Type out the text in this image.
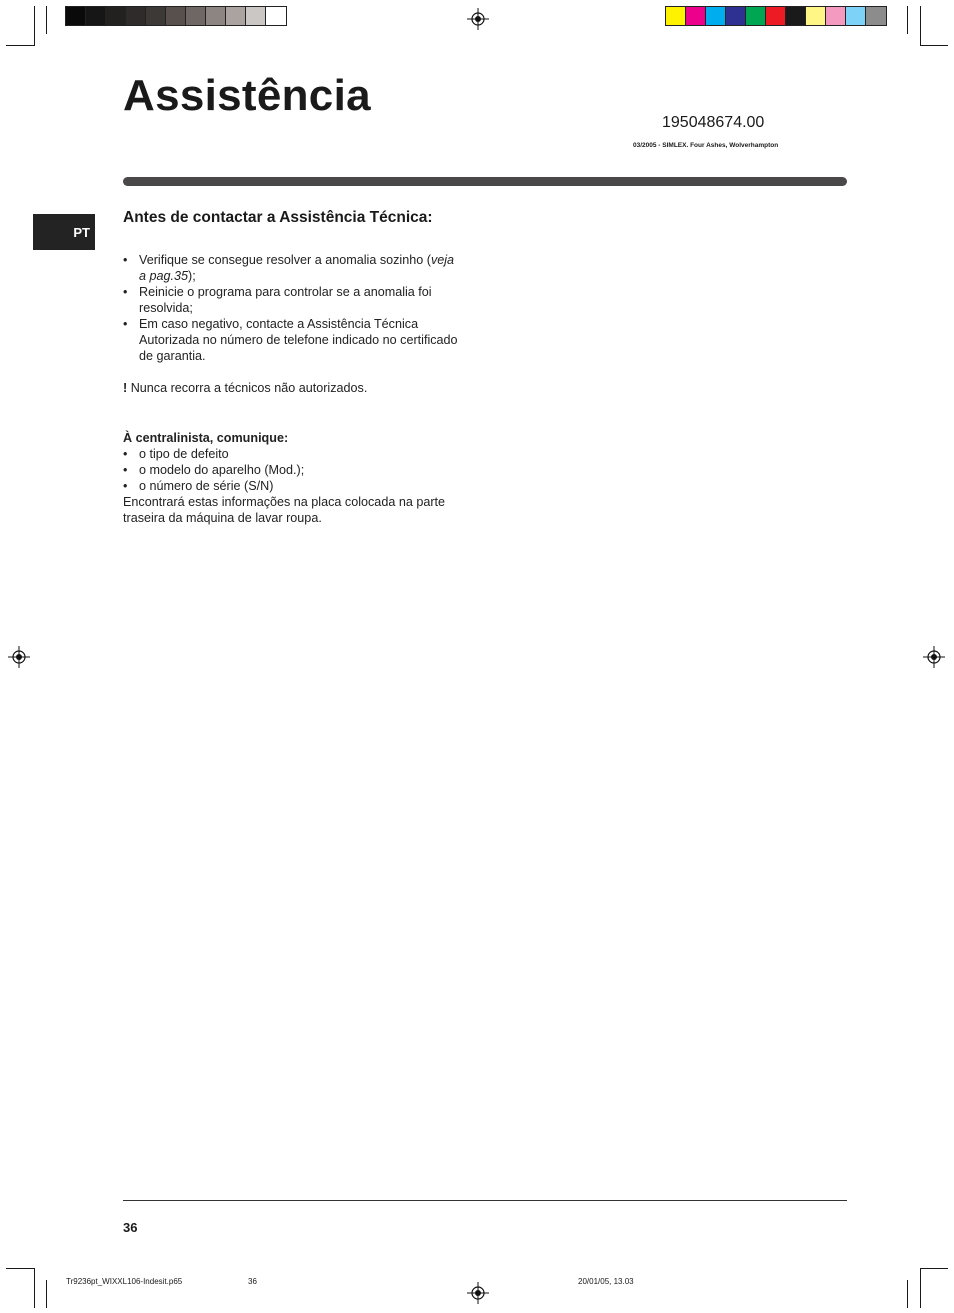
Assistência
195048674.00
03/2005 - SIMLEX. Four Ashes, Wolverhampton
PT
Antes de contactar a Assistência Técnica:
• Verifique se consegue resolver a anomalia sozinho (veja a pag.35);
• Reinicie o programa para controlar se a anomalia foi resolvida;
• Em caso negativo, contacte a Assistência Técnica Autorizada no número de telefone indicado no certificado de garantia.

! Nunca recorra a técnicos não autorizados.

À centralinista, comunique:

• o tipo de defeito
• o modelo do aparelho (Mod.);
• o número de série (S/N)

Encontrará estas informações na placa colocada na parte traseira da máquina de lavar roupa.

36
Tr9236pt_WIXXL106-Indesit.p65	36	20/01/05, 13.03
